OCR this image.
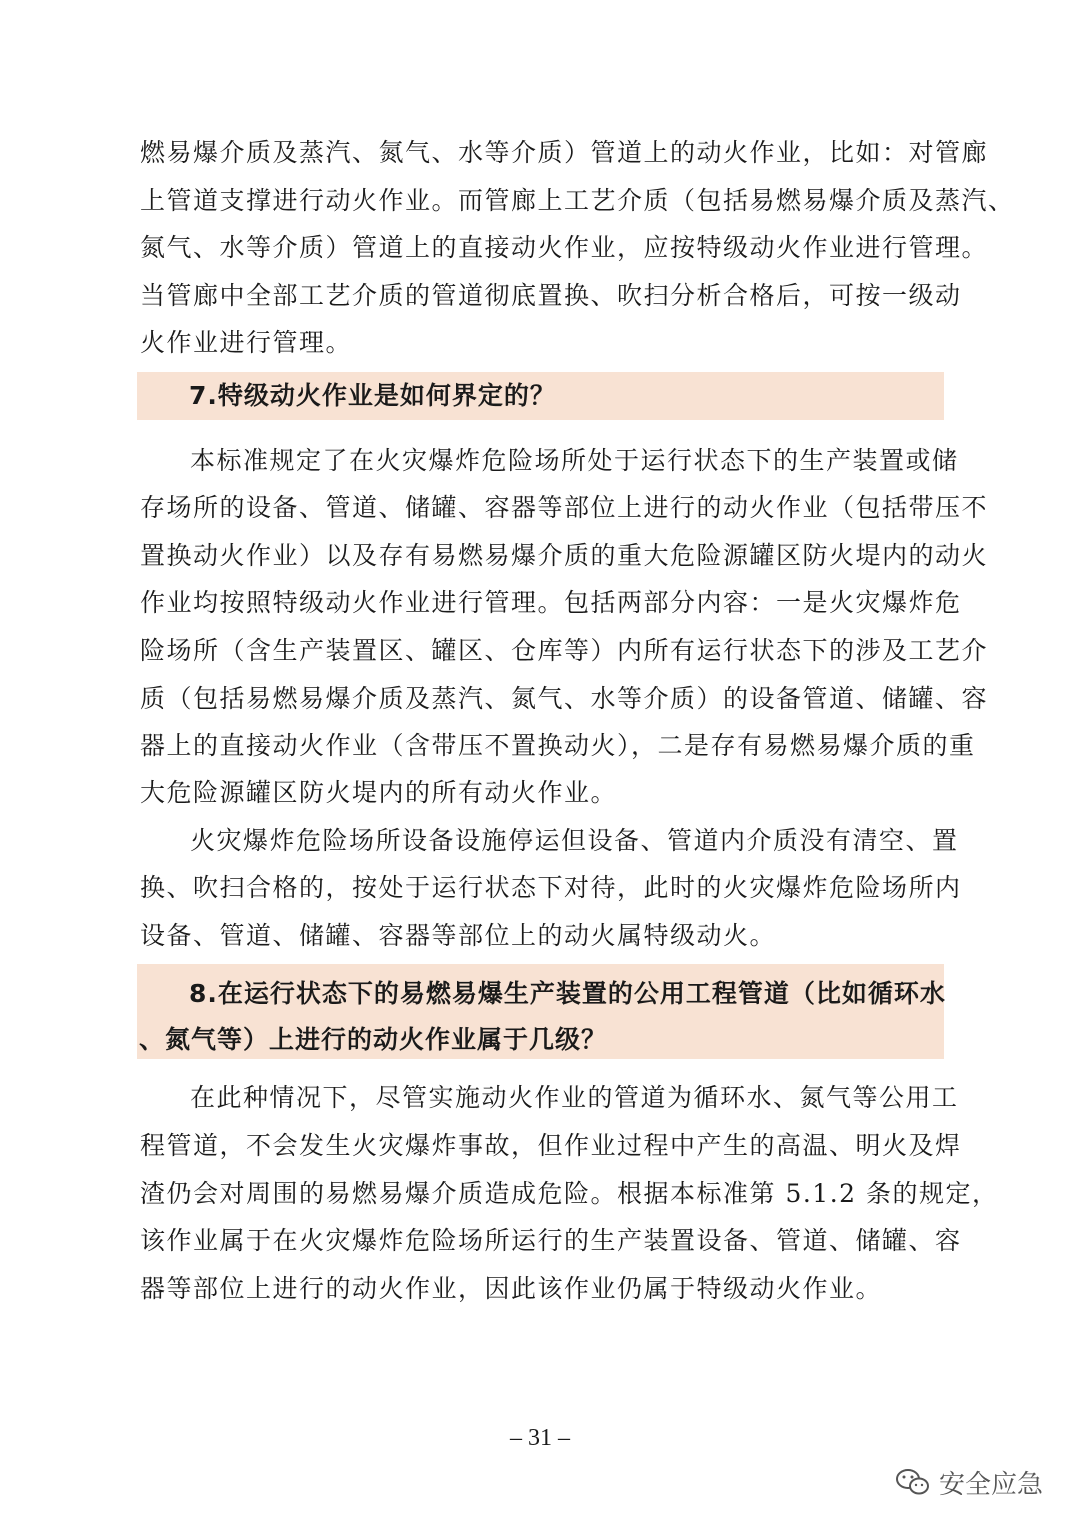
燃易爆介质及蒸汽、氮气、水等介质）管道上的动火作业，比如：对管廊
上管道支撑进行动火作业。而管廊上工艺介质（包括易燃易爆介质及蒸汽、
氮气、水等介质）管道上的直接动火作业，应按特级动火作业进行管理。
当管廊中全部工艺介质的管道彻底置换、吹扫分析合格后，可按一级动
火作业进行管理。
7.特级动火作业是如何界定的？
本标准规定了在火灾爆炸危险场所处于运行状态下的生产装置或储
存场所的设备、管道、储罐、容器等部位上进行的动火作业（包括带压不
置换动火作业）以及存有易燃易爆介质的重大危险源罐区防火堤内的动火
作业均按照特级动火作业进行管理。包括两部分内容：一是火灾爆炸危
险场所（含生产装置区、罐区、仓库等）内所有运行状态下的涉及工艺介
质（包括易燃易爆介质及蒸汽、氮气、水等介质）的设备管道、储罐、容
器上的直接动火作业（含带压不置换动火），二是存有易燃易爆介质的重
大危险源罐区防火堤内的所有动火作业。
火灾爆炸危险场所设备设施停运但设备、管道内介质没有清空、置
换、吹扫合格的，按处于运行状态下对待，此时的火灾爆炸危险场所内
设备、管道、储罐、容器等部位上的动火属特级动火。
8.在运行状态下的易燃易爆生产装置的公用工程管道（比如循环水
、氮气等）上进行的动火作业属于几级？
在此种情况下，尽管实施动火作业的管道为循环水、氮气等公用工
程管道，不会发生火灾爆炸事故，但作业过程中产生的高温、明火及焊
渣仍会对周围的易燃易爆介质造成危险。根据本标准第 5.1.2 条的规定，
该作业属于在火灾爆炸危险场所运行的生产装置设备、管道、储罐、容
器等部位上进行的动火作业，因此该作业仍属于特级动火作业。
– 31 –
安全应急
